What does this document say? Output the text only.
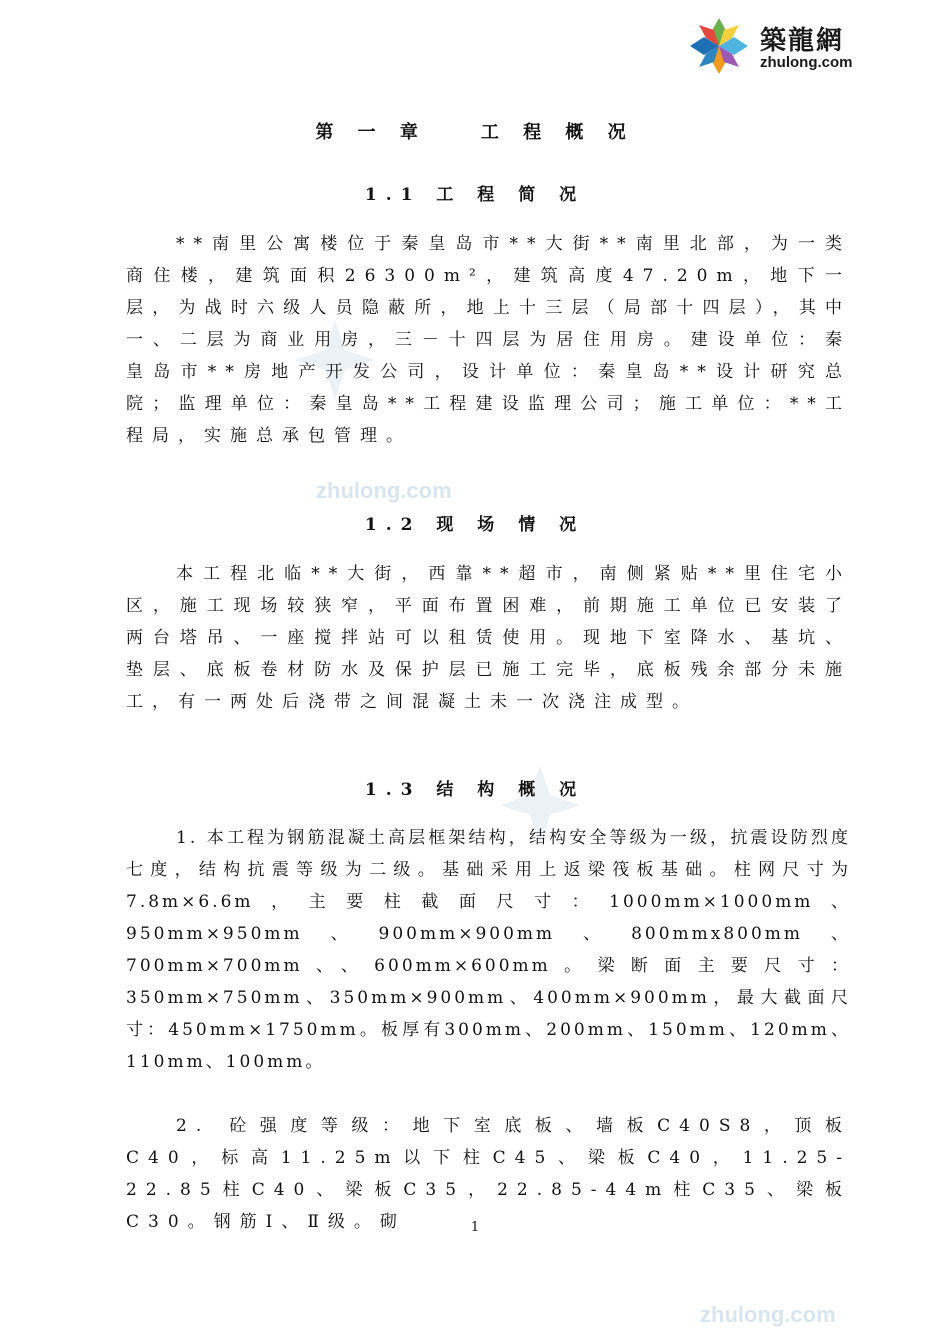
築龍網
zhulong.com
zhulong.com
zhulong.com
第 一 章　　工 程 概 况
1.1 工 程 简 况

**南里公寓楼位于秦皇岛市**大街**南里北部，为一类商住楼，建筑面积26300m²，建筑高度47.20m，地下一层，为战时六级人员隐蔽所，地上十三层（局部十四层），其中一、二层为商业用房，三－十四层为居住用房。建设单位：秦皇岛市**房地产开发公司，设计单位：秦皇岛**设计研究总院；监理单位：秦皇岛**工程建设监理公司；施工单位：**工程局，实施总承包管理。

1.2 现 场 情 况

本工程北临**大街，西靠**超市，南侧紧贴**里住宅小区，施工现场较狭窄，平面布置困难，前期施工单位已安装了两台塔吊、一座搅拌站可以租赁使用。现地下室降水、基坑、垫层、底板卷材防水及保护层已施工完毕，底板残余部分未施工，有一两处后浇带之间混凝土未一次浇注成型。

1.3 结 构 概 况

1. 本工程为钢筋混凝土高层框架结构，结构安全等级为一级，抗震设防烈度七度，结构抗震等级为二级。基础采用上返梁筏板基础。柱网尺寸为7.8m×6.6m，主要柱截面尺寸：1000mm×1000mm、950mm×950mm、900mm×900mm、800mmx800mm、700mm×700mm、、600mm×600mm。梁断面主要尺寸：350mm×750mm、350mm×900mm、400mm×900mm，最大截面尺寸：450mm×1750mm。板厚有300mm、200mm、150mm、120mm、110mm、100mm。

2. 砼强度等级：地下室底板、墙板C40S8，顶板C40，标高11.25m以下柱C45、梁板C40，11.25-22.85柱C40、梁板C35，22.85-44m柱C35、梁板C30。钢筋Ⅰ、Ⅱ级。砌	1
